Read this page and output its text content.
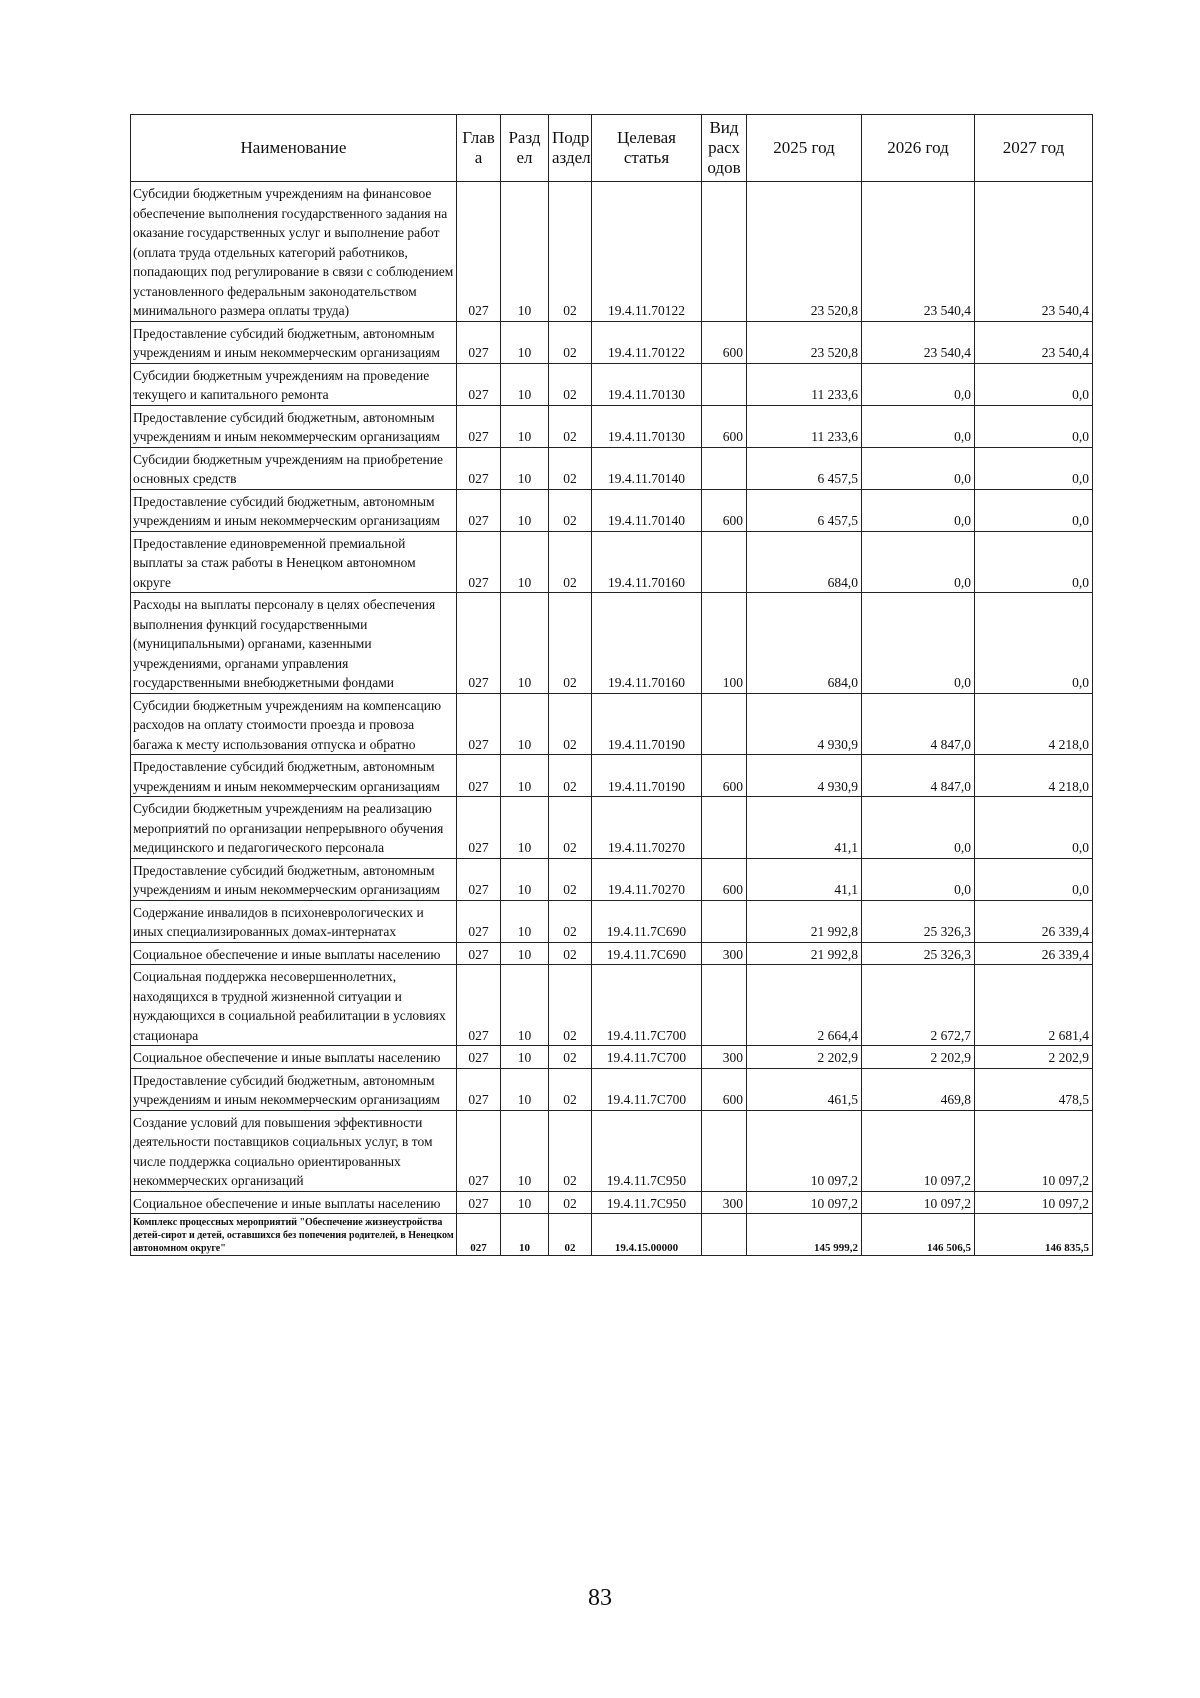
Наименование	Глав а	Разд ел	Подр аздел	Целевая статья	Вид расх одов	2025 год	2026 год	2027 год
Субсидии бюджетным учреждениям на финансовое обеспечение выполнения государственного задания на оказание государственных услуг и выполнение работ (оплата труда отдельных категорий работников, попадающих под регулирование в связи с соблюдением установленного федеральным законодательством минимального размера оплаты труда)	027	10	02	19.4.11.70122		23 520,8	23 540,4	23 540,4
Предоставление субсидий бюджетным, автономным учреждениям и иным некоммерческим организациям	027	10	02	19.4.11.70122	600	23 520,8	23 540,4	23 540,4
Субсидии бюджетным учреждениям на проведение текущего и капитального ремонта	027	10	02	19.4.11.70130		11 233,6	0,0	0,0
Предоставление субсидий бюджетным, автономным учреждениям и иным некоммерческим организациям	027	10	02	19.4.11.70130	600	11 233,6	0,0	0,0
Субсидии бюджетным учреждениям на приобретение основных средств	027	10	02	19.4.11.70140		6 457,5	0,0	0,0
Предоставление субсидий бюджетным, автономным учреждениям и иным некоммерческим организациям	027	10	02	19.4.11.70140	600	6 457,5	0,0	0,0
Предоставление единовременной премиальной выплаты за стаж работы в Ненецком автономном округе	027	10	02	19.4.11.70160		684,0	0,0	0,0
Расходы на выплаты персоналу в целях обеспечения выполнения функций государственными (муниципальными) органами, казенными учреждениями, органами управления государственными внебюджетными фондами	027	10	02	19.4.11.70160	100	684,0	0,0	0,0
Субсидии бюджетным учреждениям на компенсацию расходов на оплату стоимости проезда и провоза багажа к месту использования отпуска и обратно	027	10	02	19.4.11.70190		4 930,9	4 847,0	4 218,0
Предоставление субсидий бюджетным, автономным учреждениям и иным некоммерческим организациям	027	10	02	19.4.11.70190	600	4 930,9	4 847,0	4 218,0
Субсидии бюджетным учреждениям на реализацию мероприятий по организации непрерывного обучения медицинского и педагогического персонала	027	10	02	19.4.11.70270		41,1	0,0	0,0
Предоставление субсидий бюджетным, автономным учреждениям и иным некоммерческим организациям	027	10	02	19.4.11.70270	600	41,1	0,0	0,0
Содержание инвалидов в психоневрологических и иных специализированных домах-интернатах	027	10	02	19.4.11.7С690		21 992,8	25 326,3	26 339,4
Социальное обеспечение и иные выплаты населению	027	10	02	19.4.11.7С690	300	21 992,8	25 326,3	26 339,4
Социальная поддержка несовершеннолетних, находящихся в трудной жизненной ситуации и нуждающихся в социальной реабилитации в условиях стационара	027	10	02	19.4.11.7С700		2 664,4	2 672,7	2 681,4
Социальное обеспечение и иные выплаты населению	027	10	02	19.4.11.7С700	300	2 202,9	2 202,9	2 202,9
Предоставление субсидий бюджетным, автономным учреждениям и иным некоммерческим организациям	027	10	02	19.4.11.7С700	600	461,5	469,8	478,5
Создание условий для повышения эффективности деятельности поставщиков социальных услуг, в том числе поддержка социально ориентированных некоммерческих организаций	027	10	02	19.4.11.7С950		10 097,2	10 097,2	10 097,2
Социальное обеспечение и иные выплаты населению	027	10	02	19.4.11.7С950	300	10 097,2	10 097,2	10 097,2
Комплекс процессных мероприятий "Обеспечение жизнеустройства детей-сирот и детей, оставшихся без попечения родителей, в Ненецком автономном округе"	027	10	02	19.4.15.00000		145 999,2	146 506,5	146 835,5
83
